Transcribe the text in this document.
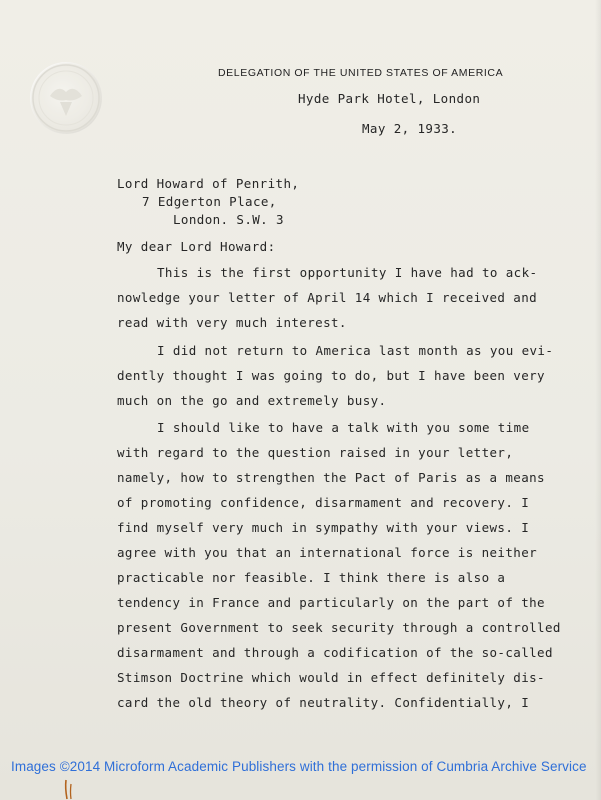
DELEGATION OF THE UNITED STATES OF AMERICA
Hyde Park Hotel, London
May 2, 1933.
Lord Howard of Penrith,
7 Edgerton Place,
London. S.W. 3
My dear Lord Howard:
This is the first opportunity I have had to ack-
nowledge your letter of April 14 which I received and
read with very much interest.
I did not return to America last month as you evi-
dently thought I was going to do, but I have been very
much on the go and extremely busy.
I should like to have a talk with you some time
with regard to the question raised in your letter,
namely, how to strengthen the Pact of Paris as a means
of promoting confidence, disarmament and recovery. I
find myself very much in sympathy with your views. I
agree with you that an international force is neither
practicable nor feasible. I think there is also a
tendency in France and particularly on the part of the
present Government to seek security through a controlled
disarmament and through a codification of the so-called
Stimson Doctrine which would in effect definitely dis-
card the old theory of neutrality. Confidentially, I
Images ©2014 Microform Academic Publishers with the permission of Cumbria Archive Service
